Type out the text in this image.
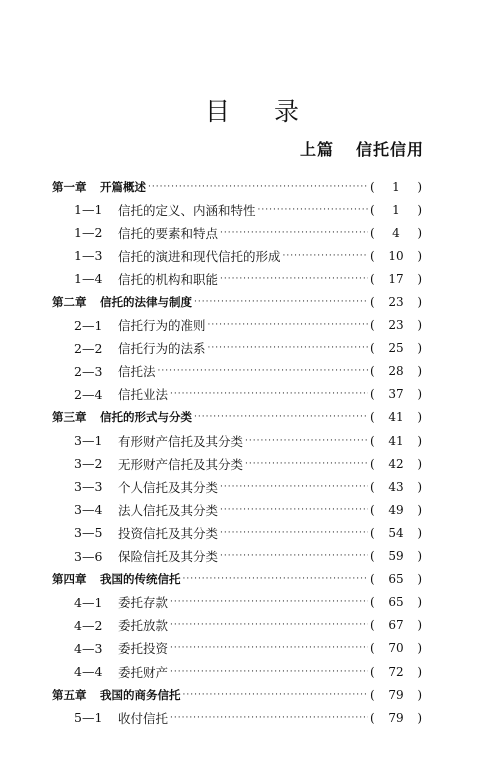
目 录
上篇 信托信用
第一章	开篇概述 ·····	(	1	)
1—1	信托的定义、内涵和特性 ·····	(	1	)
1—2	信托的要素和特点 ·····	(	4	)
1—3	信托的演进和现代信托的形成 ·····	(	10	)
1—4	信托的机构和职能 ·····	(	17	)
第二章	信托的法律与制度 ·····	(	23	)
2—1	信托行为的准则 ·····	(	23	)
2—2	信托行为的法系 ·····	(	25	)
2—3	信托法 ·····	(	28	)
2—4	信托业法 ·····	(	37	)
第三章	信托的形式与分类 ·····	(	41	)
3—1	有形财产信托及其分类 ·····	(	41	)
3—2	无形财产信托及其分类 ·····	(	42	)
3—3	个人信托及其分类 ·····	(	43	)
3—4	法人信托及其分类 ·····	(	49	)
3—5	投资信托及其分类 ·····	(	54	)
3—6	保险信托及其分类 ·····	(	59	)
第四章	我国的传统信托 ·····	(	65	)
4—1	委托存款 ·····	(	65	)
4—2	委托放款 ·····	(	67	)
4—3	委托投资 ·····	(	70	)
4—4	委托财产 ·····	(	72	)
第五章	我国的商务信托 ·····	(	79	)
5—1	收付信托 ·····	(	79	)
